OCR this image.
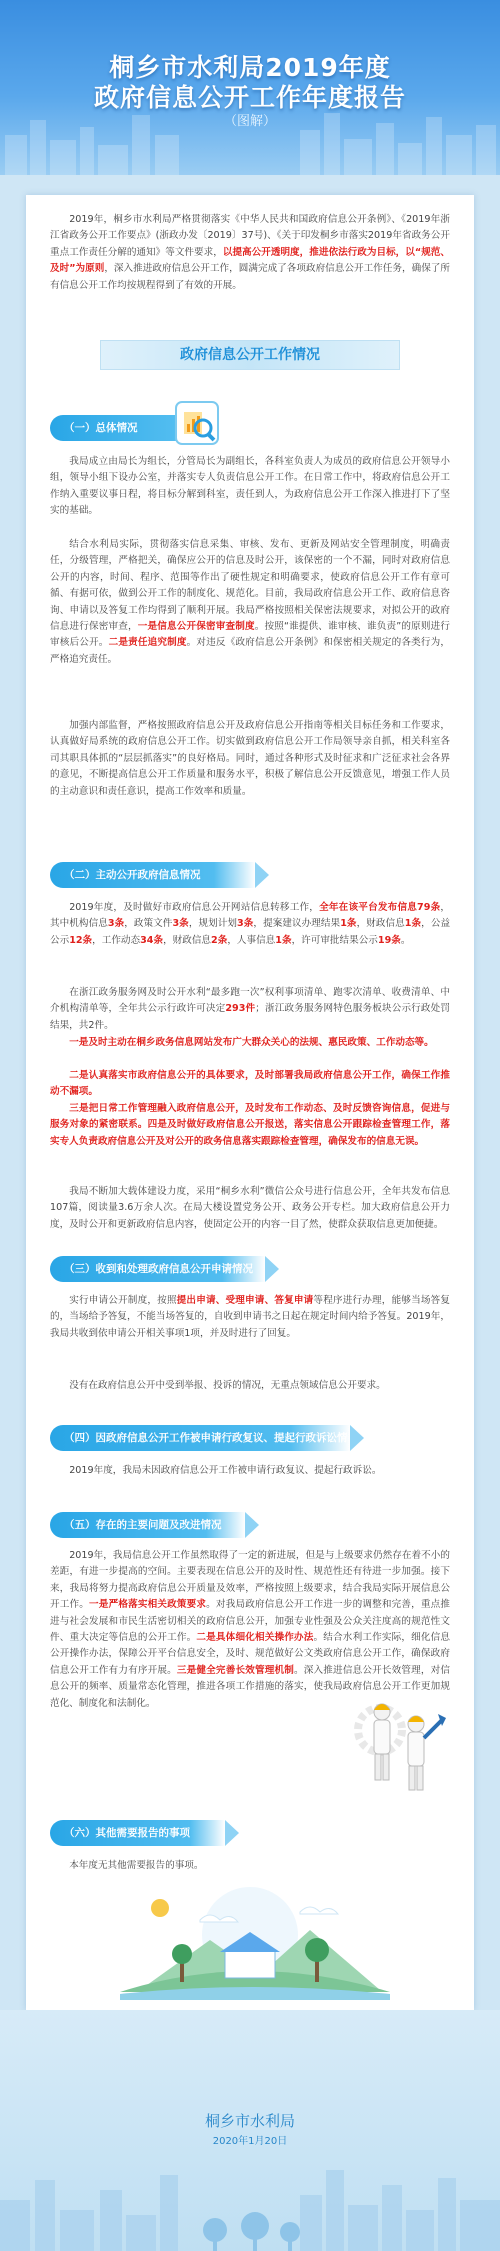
桐乡市水利局2019年度
政府信息公开工作年度报告
（图解）
2019年，桐乡市水利局严格贯彻落实《中华人民共和国政府信息公开条例》、《2019年浙江省政务公开工作要点》(浙政办发〔2019〕37号)、《关于印发桐乡市落实2019年省政务公开重点工作责任分解的通知》等文件要求，以提高公开透明度，推进依法行政为目标，以“规范、及时”为原则，深入推进政府信息公开工作，圆满完成了各项政府信息公开工作任务，确保了所有信息公开工作均按规程得到了有效的开展。
政府信息公开工作情况
（一）总体情况
我局成立由局长为组长，分管局长为副组长，各科室负责人为成员的政府信息公开领导小组，领导小组下设办公室，并落实专人负责信息公开工作。在日常工作中，将政府信息公开工作纳入重要议事日程，将目标分解到科室，责任到人，为政府信息公开工作深入推进打下了坚实的基础。
结合水利局实际，贯彻落实信息采集、审核、发布、更新及网站安全管理制度，明确责任，分级管理，严格把关，确保应公开的信息及时公开，该保密的一个不漏，同时对政府信息公开的内容，时间、程序、范围等作出了硬性规定和明确要求，使政府信息公开工作有章可循、有据可依，做到公开工作的制度化、规范化。目前，我局政府信息公开工作、政府信息咨询、申请以及答复工作均得到了顺利开展。我局严格按照相关保密法规要求，对拟公开的政府信息进行保密审查，一是信息公开保密审查制度。按照“谁提供、谁审核、谁负责”的原则进行审核后公开。二是责任追究制度。对违反《政府信息公开条例》和保密相关规定的各类行为，严格追究责任。
加强内部监督，严格按照政府信息公开及政府信息公开指南等相关目标任务和工作要求，认真做好局系统的政府信息公开工作。切实做到政府信息公开工作局领导亲自抓，相关科室各司其职具体抓的“层层抓落实”的良好格局。同时，通过各种形式及时征求和广泛征求社会各界的意见，不断提高信息公开工作质量和服务水平，积极了解信息公开反馈意见，增强工作人员的主动意识和责任意识，提高工作效率和质量。
（二）主动公开政府信息情况
2019年度，及时做好市政府信息公开网站信息转移工作，全年在该平台发布信息79条，其中机构信息3条，政策文件3条，规划计划3条，提案建议办理结果1条，财政信息1条，公益公示12条，工作动态34条，财政信息2条，人事信息1条，许可审批结果公示19条。
在浙江政务服务网及时公开水利“最多跑一次”权利事项清单、跑零次清单、收费清单、中介机构清单等，全年共公示行政许可决定293件；浙江政务服务网特色服务板块公示行政处罚结果，共2件。
一是及时主动在桐乡政务信息网站发布广大群众关心的法规、惠民政策、工作动态等。
二是认真落实市政府信息公开的具体要求，及时部署我局政府信息公开工作，确保工作推动不漏项。
三是把日常工作管理融入政府信息公开，及时发布工作动态、及时反馈咨询信息，促进与服务对象的紧密联系。四是及时做好政府信息公开报送，落实信息公开跟踪检查管理工作，落实专人负责政府信息公开及对公开的政务信息落实跟踪检查管理，确保发布的信息无误。
我局不断加大载体建设力度，采用“桐乡水利”微信公众号进行信息公开，全年共发布信息107篇，阅读量3.6万余人次。在局大楼设置党务公开、政务公开专栏。加大政府信息公开力度，及时公开和更新政府信息内容，使固定公开的内容一目了然，使群众获取信息更加便捷。
（三）收到和处理政府信息公开申请情况
实行申请公开制度，按照提出申请、受理申请、答复申请等程序进行办理，能够当场答复的，当场给予答复，不能当场答复的，自收到申请书之日起在规定时间内给予答复。2019年，我局共收到依申请公开相关事项1项，并及时进行了回复。
没有在政府信息公开中受到举报、投诉的情况，无重点领域信息公开要求。
（四）因政府信息公开工作被申请行政复议、提起行政诉讼情况
2019年度，我局未因政府信息公开工作被申请行政复议、提起行政诉讼。
（五）存在的主要问题及改进情况
2019年，我局信息公开工作虽然取得了一定的新进展，但是与上级要求仍然存在着不小的差距，有进一步提高的空间。主要表现在信息公开的及时性、规范性还有待进一步加强。接下来，我局将努力提高政府信息公开质量及效率，严格按照上级要求，结合我局实际开展信息公开工作。一是严格落实相关政策要求。对我局政府信息公开工作进一步的调整和完善，重点推进与社会发展和市民生活密切相关的政府信息公开，加强专业性强及公众关注度高的规范性文件、重大决定等信息的公开工作。二是具体细化相关操作办法。结合水利工作实际，细化信息公开操作办法，保障公开平台信息安全，及时、规范做好公文类政府信息公开工作，确保政府信息公开工作有力有序开展。三是健全完善长效管理机制。深入推进信息公开长效管理，对信息公开的频率、质量常态化管理，推进各项工作措施的落实，使我局政府信息公开工作更加规范化、制度化和法制化。
（六）其他需要报告的事项
本年度无其他需要报告的事项。
桐乡市水利局
2020年1月20日
